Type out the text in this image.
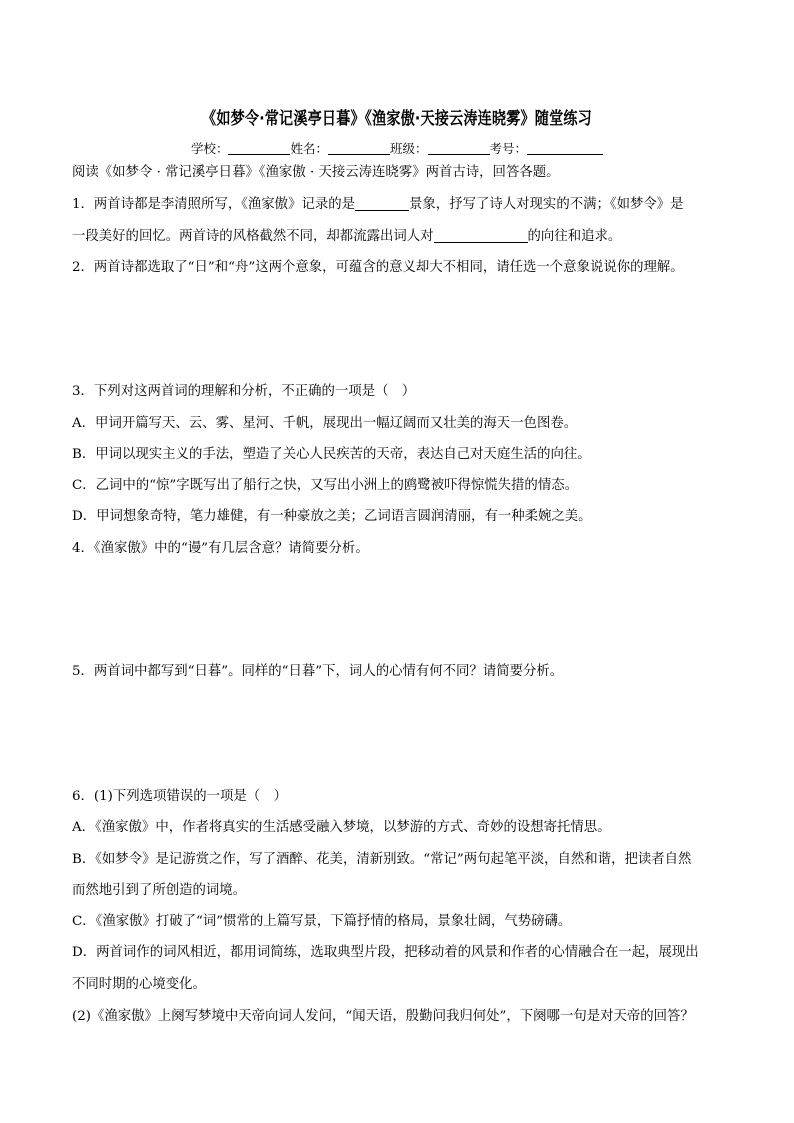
《如梦令·常记溪亭日暮》《渔家傲·天接云涛连晓雾》随堂练习
学校：	姓名：	班级：	考号：
阅读《如梦令 · 常记溪亭日暮》《渔家傲 · 天接云涛连晓雾》两首古诗，回答各题。
1．两首诗都是李清照所写，《渔家傲》记录的是	景象，抒写了诗人对现实的不满；《如梦令》是
一段美好的回忆。两首诗的风格截然不同，却都流露出词人对	的向往和追求。
2．两首诗都选取了“日”和“舟”这两个意象，可蕴含的意义却大不相同，请任选一个意象说说你的理解。
3．下列对这两首词的理解和分析，不正确的一项是（　）
A．甲词开篇写天、云、雾、星河、千帆，展现出一幅辽阔而又壮美的海天一色图卷。
B．甲词以现实主义的手法，塑造了关心人民疾苦的天帝，表达自己对天庭生活的向往。
C．乙词中的“惊”字既写出了船行之快，又写出小洲上的鸥鹭被吓得惊慌失措的情态。
D．甲词想象奇特，笔力雄健，有一种豪放之美；乙词语言圆润清丽，有一种柔婉之美。
4．《渔家傲》中的“谩”有几层含意？请简要分析。
5．两首词中都写到“日暮”。同样的“日暮”下，词人的心情有何不同？请简要分析。
6．(1)下列选项错误的一项是（　）
A．《渔家傲》中，作者将真实的生活感受融入梦境，以梦游的方式、奇妙的设想寄托情思。
B．《如梦令》是记游赏之作，写了酒醉、花美，清新别致。“常记”两句起笔平淡，自然和谐，把读者自然
而然地引到了所创造的词境。
C．《渔家傲》打破了“词”惯常的上篇写景，下篇抒情的格局，景象壮阔，气势磅礴。
D．两首词作的词风相近，都用词简练，选取典型片段，把移动着的风景和作者的心情融合在一起，展现出
不同时期的心境变化。
(2)《渔家傲》上阕写梦境中天帝向词人发问，“闻天语，殷勤问我归何处”，下阕哪一句是对天帝的回答？
